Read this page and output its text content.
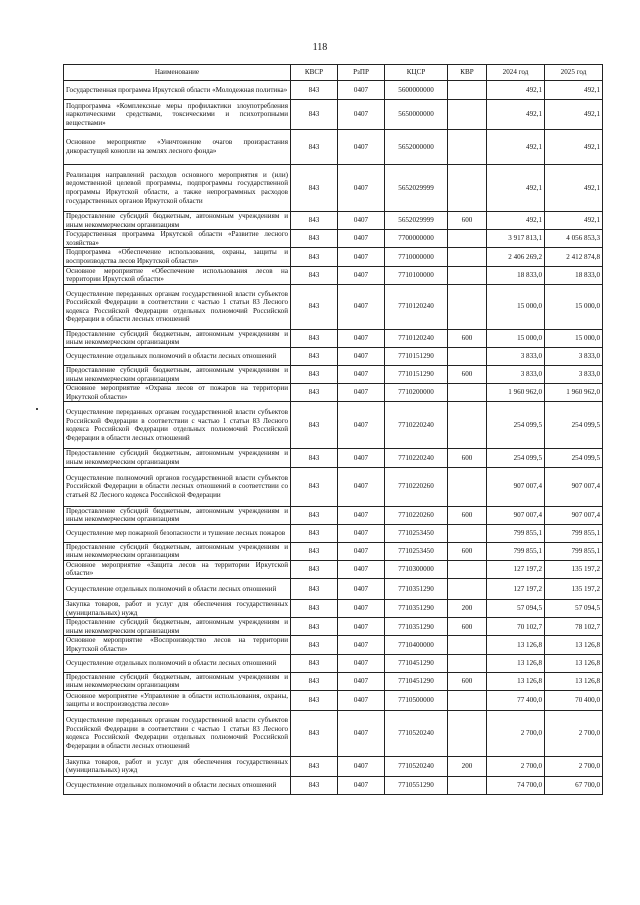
118
Наименование	КВСР	РзПР	КЦСР	КВР	2024 год	2025 год
Государственная программа Иркутской области «Молодежная политика»	843	0407	5600000000		492,1	492,1
Подпрограмма «Комплексные меры профилактики злоупотребления наркотическими средствами, токсическими и психотропными веществами»	843	0407	5650000000		492,1	492,1
Основное мероприятие «Уничтожение очагов произрастания дикорастущей конопли на землях лесного фонда»	843	0407	5652000000		492,1	492,1
Реализация направлений расходов основного мероприятия и (или) ведомственной целевой программы, подпрограммы государственной программы Иркутской области, а также непрограммных расходов государственных органов Иркутской области	843	0407	5652029999		492,1	492,1
Предоставление субсидий бюджетным, автономным учреждениям и иным некоммерческим организациям	843	0407	5652029999	600	492,1	492,1
Государственная программа Иркутской области «Развитие лесного хозяйства»	843	0407	7700000000		3 917 813,1	4 056 853,3
Подпрограмма «Обеспечение использования, охраны, защиты и воспроизводства лесов Иркутской области»	843	0407	7710000000		2 406 269,2	2 412 874,8
Основное мероприятие «Обеспечение использования лесов на территории Иркутской области»	843	0407	7710100000		18 833,0	18 833,0
Осуществление переданных органам государственной власти субъектов Российской Федерации в соответствии с частью 1 статьи 83 Лесного кодекса Российской Федерации отдельных полномочий Российской Федерации в области лесных отношений	843	0407	7710120240		15 000,0	15 000,0
Предоставление субсидий бюджетным, автономным учреждениям и иным некоммерческим организациям	843	0407	7710120240	600	15 000,0	15 000,0
Осуществление отдельных полномочий в области лесных отношений	843	0407	7710151290		3 833,0	3 833,0
Предоставление субсидий бюджетным, автономным учреждениям и иным некоммерческим организациям	843	0407	7710151290	600	3 833,0	3 833,0
Основное мероприятие «Охрана лесов от пожаров на территории Иркутской области»	843	0407	7710200000		1 960 962,0	1 960 962,0
Осуществление переданных органам государственной власти субъектов Российской Федерации в соответствии с частью 1 статьи 83 Лесного кодекса Российской Федерации отдельных полномочий Российской Федерации в области лесных отношений	843	0407	7710220240		254 099,5	254 099,5
Предоставление субсидий бюджетным, автономным учреждениям и иным некоммерческим организациям	843	0407	7710220240	600	254 099,5	254 099,5
Осуществление полномочий органов государственной власти субъектов Российской Федерации в области лесных отношений в соответствии со статьей 82 Лесного кодекса Российской Федерации	843	0407	7710220260		907 007,4	907 007,4
Предоставление субсидий бюджетным, автономным учреждениям и иным некоммерческим организациям	843	0407	7710220260	600	907 007,4	907 007,4
Осуществление мер пожарной безопасности и тушение лесных пожаров	843	0407	7710253450		799 855,1	799 855,1
Предоставление субсидий бюджетным, автономным учреждениям и иным некоммерческим организациям	843	0407	7710253450	600	799 855,1	799 855,1
Основное мероприятие «Защита лесов на территории Иркутской области»	843	0407	7710300000		127 197,2	135 197,2
Осуществление отдельных полномочий в области лесных отношений	843	0407	7710351290		127 197,2	135 197,2
Закупка товаров, работ и услуг для обеспечения государственных (муниципальных) нужд	843	0407	7710351290	200	57 094,5	57 094,5
Предоставление субсидий бюджетным, автономным учреждениям и иным некоммерческим организациям	843	0407	7710351290	600	70 102,7	78 102,7
Основное мероприятие «Воспроизводство лесов на территории Иркутской области»	843	0407	7710400000		13 126,8	13 126,8
Осуществление отдельных полномочий в области лесных отношений	843	0407	7710451290		13 126,8	13 126,8
Предоставление субсидий бюджетным, автономным учреждениям и иным некоммерческим организациям	843	0407	7710451290	600	13 126,8	13 126,8
Основное мероприятие «Управление в области использования, охраны, защиты и воспроизводства лесов»	843	0407	7710500000		77 400,0	70 400,0
Осуществление переданных органам государственной власти субъектов Российской Федерации в соответствии с частью 1 статьи 83 Лесного кодекса Российской Федерации отдельных полномочий Российской Федерации в области лесных отношений	843	0407	7710520240		2 700,0	2 700,0
Закупка товаров, работ и услуг для обеспечения государственных (муниципальных) нужд	843	0407	7710520240	200	2 700,0	2 700,0
Осуществление отдельных полномочий в области лесных отношений	843	0407	7710551290		74 700,0	67 700,0
